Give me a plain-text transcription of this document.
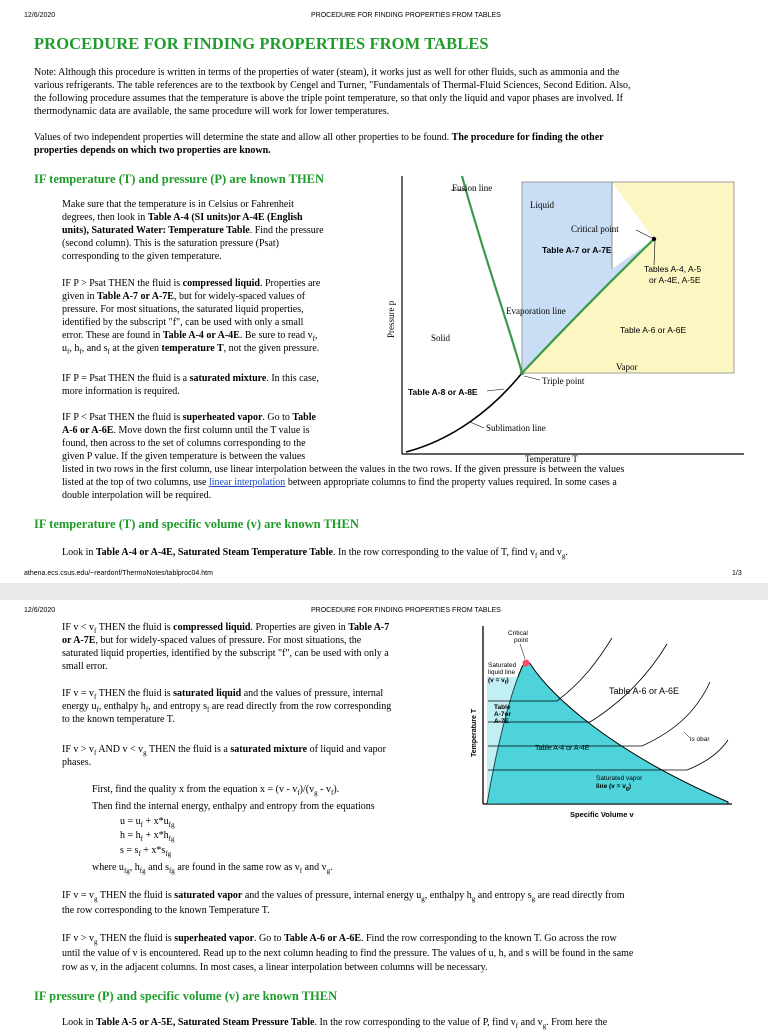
12/6/2020	PROCEDURE FOR FINDING PROPERTIES FROM TABLES
PROCEDURE FOR FINDING PROPERTIES FROM TABLES
Note: Although this procedure is written in terms of the properties of water (steam), it works just as well for other fluids, such as ammonia and the
various refrigerants. The table references are to the textbook by Cengel and Turner, "Fundamentals of Thermal-Fluid Sciences, Second Edition. Also,
the following procedure assumes that the temperature is above the triple point temperature, so that only the liquid and vapor phases are involved. If
thermodynamic data are available, the same procedure will work for lower temperatures.
Values of two independent properties will determine the state and allow all other properties to be found. The procedure for finding the other
properties depends on which two properties are known.
IF temperature (T) and pressure (P) are known THEN
Make sure that the temperature is in Celsius or Fahrenheit
degrees, then look in Table A-4 (SI units)or A-4E (English
units), Saturated Water: Temperature Table. Find the pressure
(second column). This is the saturation pressure (Psat)
corresponding to the given temperature.
IF P > Psat THEN the fluid is compressed liquid. Properties are
given in Table A-7 or A-7E, but for widely-spaced values of
pressure. For most situations, the saturated liquid properties,
identified by the subscript "f", can be used with only a small
error. These are found in Table A-4 or A-4E. Be sure to read $v_f$,
$u_f$, $h_f$, and $s_f$ at the given temperature T, not the given pressure.
IF P = Psat THEN the fluid is a saturated mixture. In this case,
more information is required.
IF P < Psat THEN the fluid is superheated vapor. Go to Table
A-6 or A-6E. Move down the first column until the T value is
found, then across to the set of columns corresponding to the
given P value. If the given temperature is between the values
listed in two rows in the first column, use linear interpolation between the values in the two rows. If the given pressure is between the values
listed at the top of two columns, use linear interpolation between appropriate columns to find the property values required. In some cases a
double interpolation will be required.
IF temperature (T) and specific volume (v) are known THEN
Look in Table A-4 or A-4E, Saturated Steam Temperature Table. In the row corresponding to the value of T, find $v_f$ and $v_g$.
athena.ecs.csus.edu/~reardonf/ThermoNotes/tablproc04.htm	1/3
Fusion line
Liquid
Critical point
Table A-7 or A-7E
Tables A-4, A-5
or A-4E, A-5E
Evaporation line
Solid
Table A-6 or A-6E
Vapor
Triple point
Table A-8 or A-8E
Sublimation line
Temperature T
Pressure p
12/6/2020	PROCEDURE FOR FINDING PROPERTIES FROM TABLES
IF $v < v_f$ THEN the fluid is compressed liquid. Properties are given in Table A-7
or A-7E, but for widely-spaced values of pressure. For most situations, the
saturated liquid properties, identified by the subscript "f", can be used with only a
small error.
IF $v = v_f$ THEN the fluid is saturated liquid and the values of pressure, internal
energy $u_f$, enthalpy $h_f$, and entropy $s_f$ are read directly from the row corresponding
to the known temperature T.
IF $v > v_f$ AND $v < v_g$ THEN the fluid is a saturated mixture of liquid and vapor
phases.
First, find the quality x from the equation $x = (v - v_f)/(v_g - v_f)$.
Then find the internal energy, enthalpy and entropy from the equations
$u = u_f + x*u_{fg}$
$h = h_f + x*h_{fg}$
$s = s_f + x*s_{fg}$
where $u_{fg}$, $h_{fg}$ and $s_{fg}$ are found in the same row as $v_f$ and $v_g$.
IF $v = v_g$ THEN the fluid is saturated vapor and the values of pressure, internal energy $u_g$, enthalpy $h_g$ and entropy $s_g$ are read directly from
the row corresponding to the known Temperature T.
IF $v > v_g$ THEN the fluid is superheated vapor. Go to Table A-6 or A-6E. Find the row corresponding to the known T. Go across the row
until the value of v is encountered. Read up to the next column heading to find the pressure. The values of u, h, and s will be found in the same
row as v, in the adjacent columns. In most cases, a linear interpolation between columns will be necessary.
IF pressure (P) and specific volume (v) are known THEN
Look in Table A-5 or A-5E, Saturated Steam Pressure Table. In the row corresponding to the value of P, find $v_f$ and $v_g$. From here the
Critical
point
Saturated
liquid line
$(v = v_f)$
Table A-6 or A-6E
is obar
Table
A-7or
A-7E
Table A-4 or A-4E
Saturated vapor
line $(v = v_g)$
Specific Volume v
Temperature T
